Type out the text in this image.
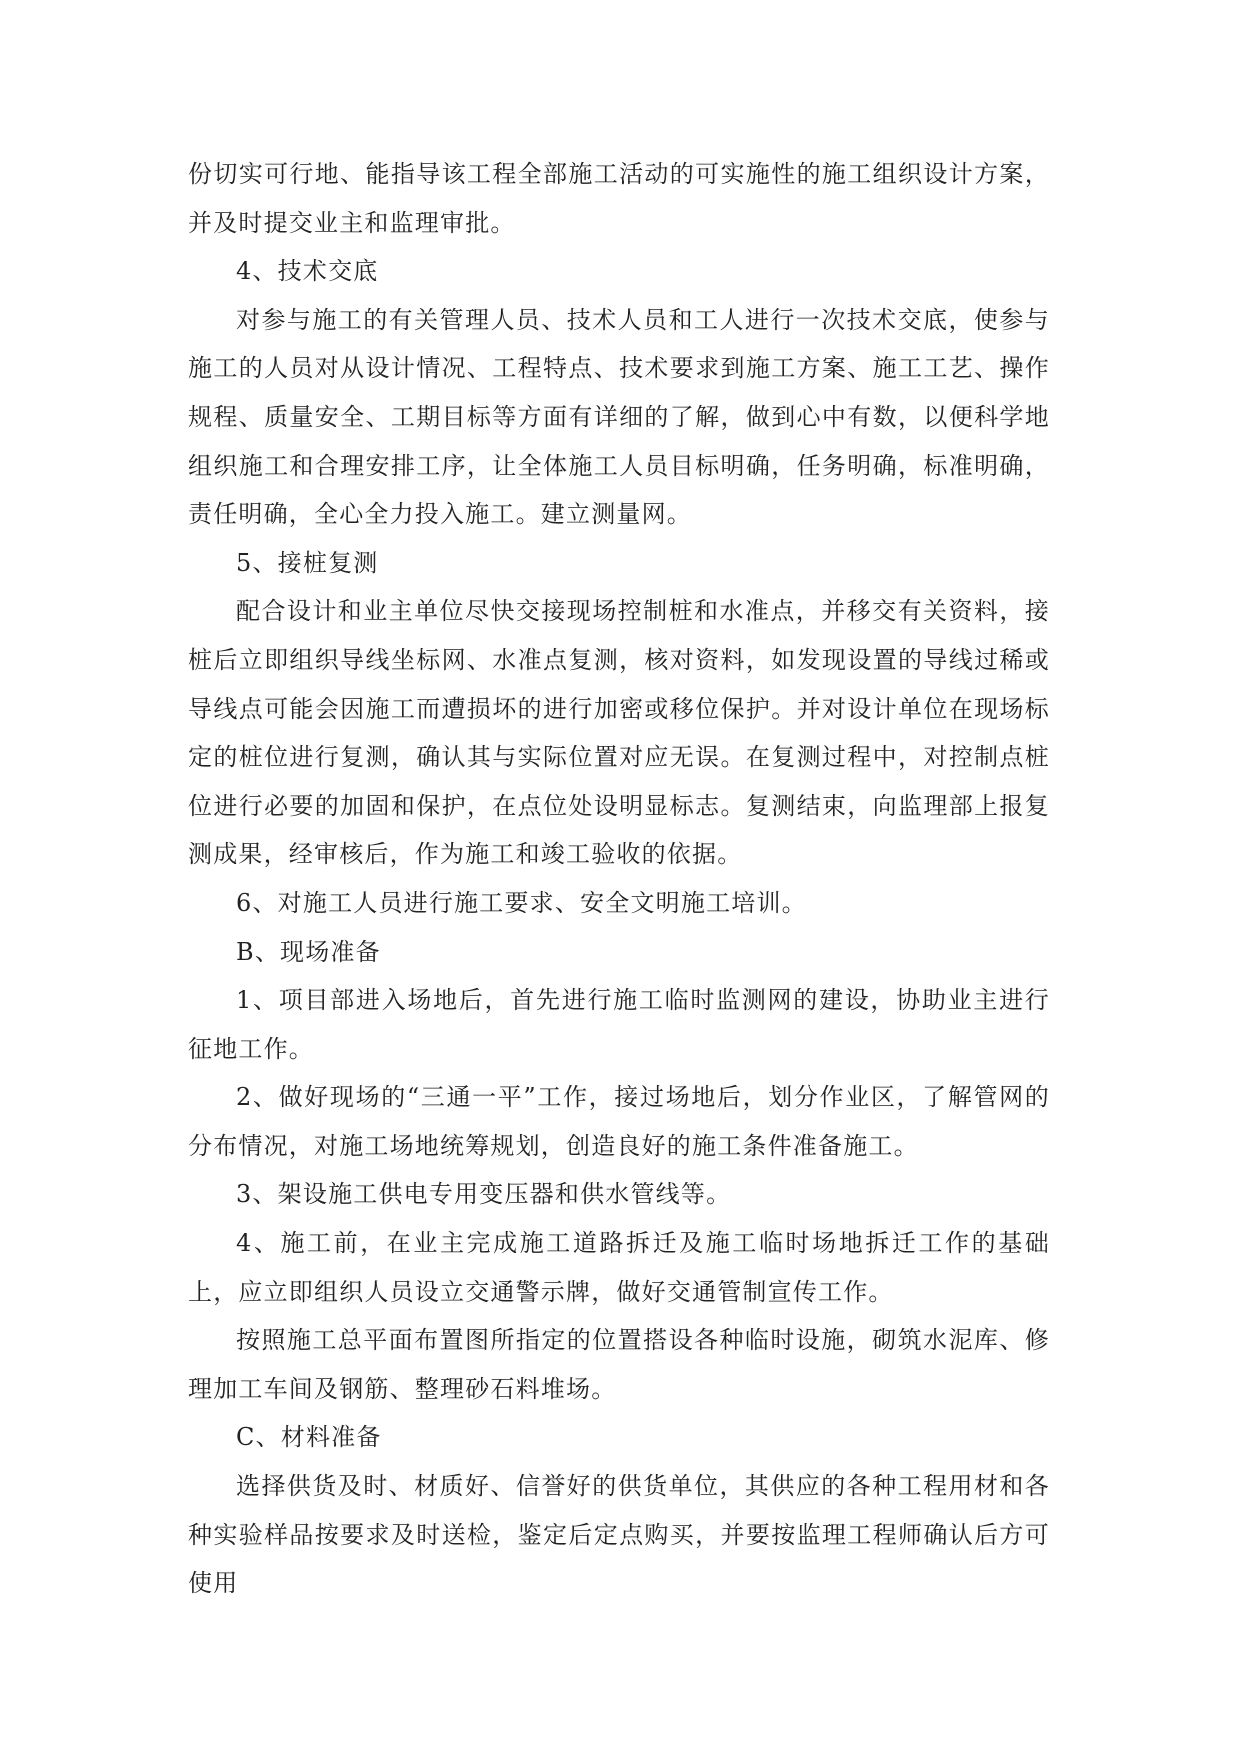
份切实可行地、能指导该工程全部施工活动的可实施性的施工组织设计方案，并及时提交业主和监理审批。

4、技术交底

对参与施工的有关管理人员、技术人员和工人进行一次技术交底，使参与施工的人员对从设计情况、工程特点、技术要求到施工方案、施工工艺、操作规程、质量安全、工期目标等方面有详细的了解，做到心中有数，以便科学地组织施工和合理安排工序，让全体施工人员目标明确，任务明确，标准明确，责任明确，全心全力投入施工。建立测量网。

5、接桩复测

配合设计和业主单位尽快交接现场控制桩和水准点，并移交有关资料，接桩后立即组织导线坐标网、水准点复测，核对资料，如发现设置的导线过稀或导线点可能会因施工而遭损坏的进行加密或移位保护。并对设计单位在现场标定的桩位进行复测，确认其与实际位置对应无误。在复测过程中，对控制点桩位进行必要的加固和保护，在点位处设明显标志。复测结束，向监理部上报复测成果，经审核后，作为施工和竣工验收的依据。

6、对施工人员进行施工要求、安全文明施工培训。

B、现场准备

1、项目部进入场地后，首先进行施工临时监测网的建设，协助业主进行征地工作。

2、做好现场的“三通一平”工作，接过场地后，划分作业区，了解管网的分布情况，对施工场地统筹规划，创造良好的施工条件准备施工。

3、架设施工供电专用变压器和供水管线等。

4、施工前，在业主完成施工道路拆迁及施工临时场地拆迁工作的基础上，应立即组织人员设立交通警示牌，做好交通管制宣传工作。

按照施工总平面布置图所指定的位置搭设各种临时设施，砌筑水泥库、修理加工车间及钢筋、整理砂石料堆场。

C、材料准备

选择供货及时、材质好、信誉好的供货单位，其供应的各种工程用材和各种实验样品按要求及时送检，鉴定后定点购买，并要按监理工程师确认后方可使用
